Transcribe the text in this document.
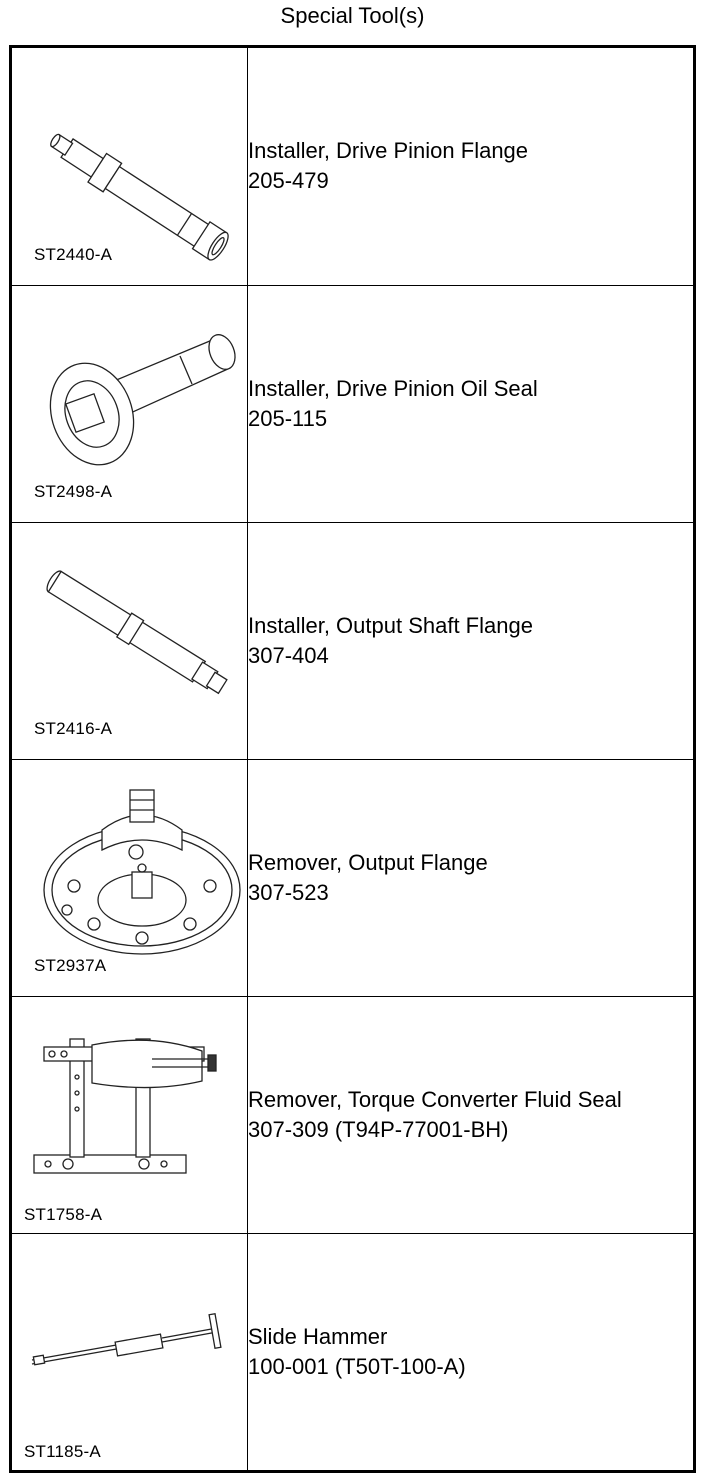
Special Tool(s)
ST2440-A	Installer, Drive Pinion Flange
205-479

ST2498-A	Installer, Drive Pinion Oil Seal
205-115

ST2416-A	Installer, Output Shaft Flange
307-404

ST2937A	Remover, Output Flange
307-523

ST1758-A	Remover, Torque Converter Fluid Seal
307-309 (T94P-77001-BH)

ST1185-A	Slide Hammer
100-001 (T50T-100-A)
